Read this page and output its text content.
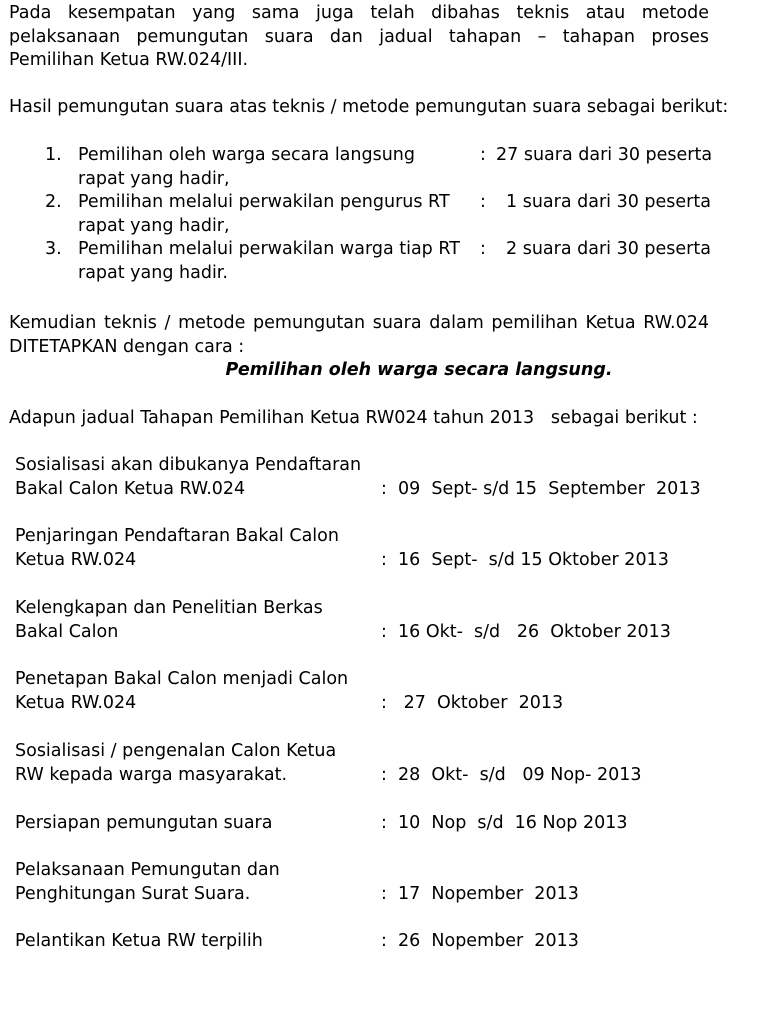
Pada kesempatan yang sama juga telah dibahas teknis atau metode
pelaksanaan pemungutan suara dan jadual tahapan – tahapan proses
Pemilihan Ketua RW.024/III.
Hasil pemungutan suara atas teknis / metode pemungutan suara sebagai berikut:
1. Pemilihan oleh warga secara langsung	: 27 suara dari 30 peserta
rapat yang hadir,
2. Pemilihan melalui perwakilan pengurus RT : 1 suara dari 30 peserta
rapat yang hadir,
3. Pemilihan melalui perwakilan warga tiap RT : 2 suara dari 30 peserta
rapat yang hadir.
Kemudian teknis / metode pemungutan suara dalam pemilihan Ketua RW.024
DITETAPKAN dengan cara :
Pemilihan oleh warga secara langsung.
Adapun jadual Tahapan Pemilihan Ketua RW024 tahun 2013   sebagai berikut :
Sosialisasi akan dibukanya Pendaftaran
Bakal Calon Ketua RW.024	: 09  Sept- s/d 15  September  2013
Penjaringan Pendaftaran Bakal Calon
Ketua RW.024	: 16  Sept-  s/d 15 Oktober 2013
Kelengkapan dan Penelitian Berkas
Bakal Calon	: 16 Okt-  s/d   26  Oktober 2013
Penetapan Bakal Calon menjadi Calon
Ketua RW.024	: 27  Oktober  2013
Sosialisasi / pengenalan Calon Ketua
RW kepada warga masyarakat.	: 28  Okt-  s/d   09 Nop- 2013
Persiapan pemungutan suara	: 10  Nop  s/d  16 Nop 2013
Pelaksanaan Pemungutan dan
Penghitungan Surat Suara.	: 17  Nopember  2013
Pelantikan Ketua RW terpilih	: 26  Nopember  2013
